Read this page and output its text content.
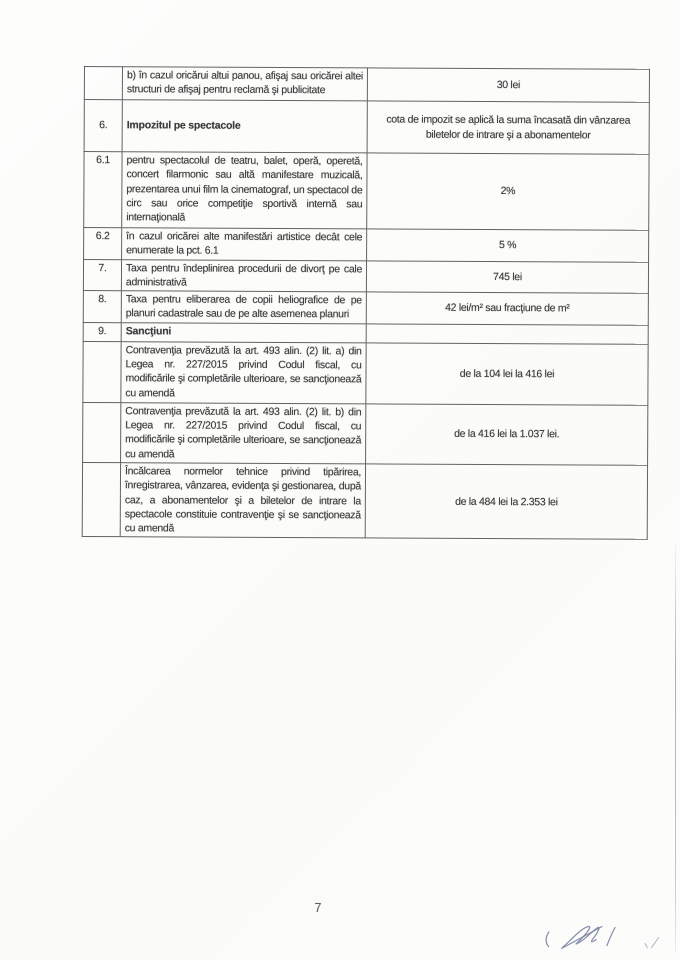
	b) în cazul oricărui altui panou, afişaj sau oricărei altei structuri de afişaj pentru reclamă şi publicitate	30 lei
6.	Impozitul pe spectacole	cota de impozit se aplică la suma încasată din vânzarea biletelor de intrare şi a abonamentelor
6.1	pentru spectacolul de teatru, balet, operă, operetă, concert filarmonic sau altă manifestare muzicală, prezentarea unui film la cinematograf, un spectacol de circ sau orice competiţie sportivă internă sau internaţională	2%
6.2	în cazul oricărei alte manifestări artistice decât cele enumerate la pct. 6.1	5 %
7.	Taxa pentru îndeplinirea procedurii de divorţ pe cale administrativă	745 lei
8.	Taxa pentru eliberarea de copii heliografice de pe planuri cadastrale sau de pe alte asemenea planuri	42 lei/m² sau fracţiune de m²
9.	Sancţiuni	
	Contravenţia prevăzută la art. 493 alin. (2) lit. a) din Legea nr. 227/2015 privind Codul fiscal, cu modificările şi completările ulterioare, se sancţionează cu amendă	de la 104 lei la 416 lei
	Contravenţia prevăzută la art. 493 alin. (2) lit. b) din Legea nr. 227/2015 privind Codul fiscal, cu modificările şi completările ulterioare, se sancţionează cu amendă	de la 416 lei la 1.037 lei.
	Încălcarea normelor tehnice privind tipărirea, înregistrarea, vânzarea, evidenţa şi gestionarea, după caz, a abonamentelor şi a biletelor de intrare la spectacole constituie contravenţie şi se sancţionează cu amendă	de la 484 lei la 2.353 lei
7
